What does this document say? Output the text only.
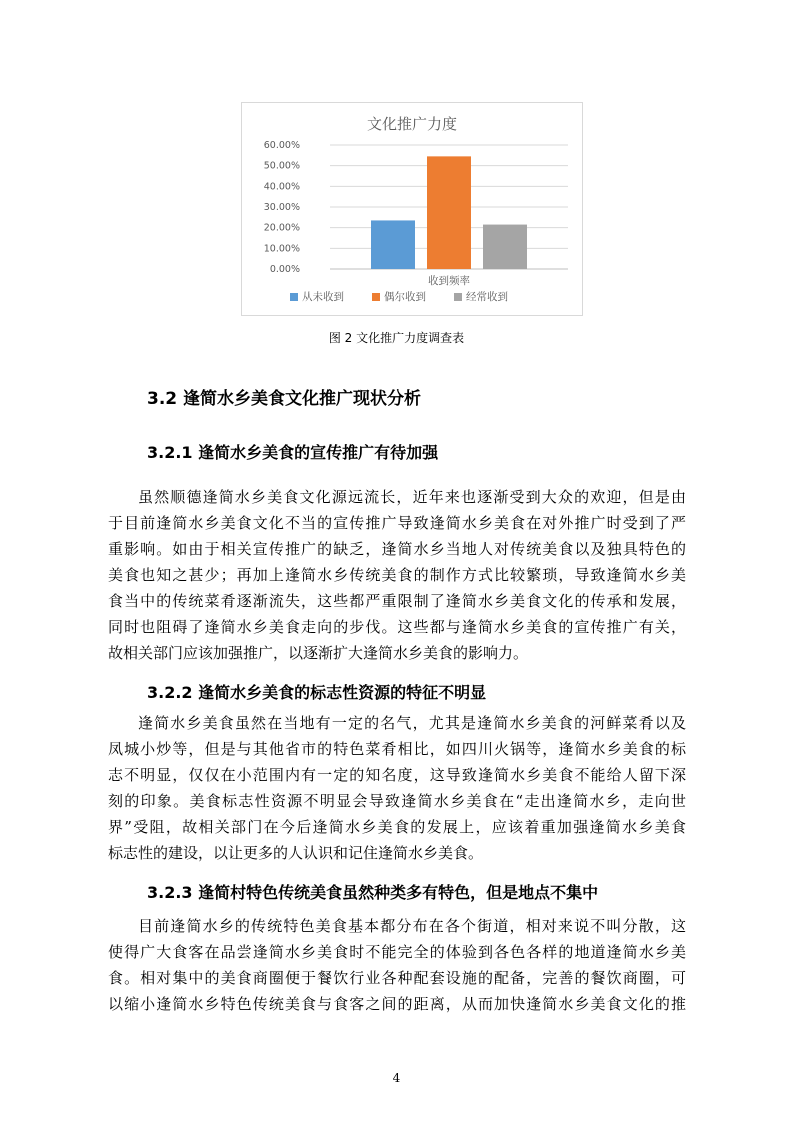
文化推广力度
0.00%
10.00%
20.00%
30.00%
40.00%
50.00%
60.00%
收到频率
从未收到	偶尔收到	经常收到
图 2 文化推广力度调查表
3.2 逢简水乡美食文化推广现状分析
3.2.1 逢简水乡美食的宣传推广有待加强
虽然顺德逢简水乡美食文化源远流长，近年来也逐渐受到大众的欢迎，但是由
于目前逢简水乡美食文化不当的宣传推广导致逢简水乡美食在对外推广时受到了严
重影响。如由于相关宣传推广的缺乏，逢简水乡当地人对传统美食以及独具特色的
美食也知之甚少；再加上逢简水乡传统美食的制作方式比较繁琐，导致逢简水乡美
食当中的传统菜肴逐渐流失，这些都严重限制了逢简水乡美食文化的传承和发展，
同时也阻碍了逢简水乡美食走向的步伐。这些都与逢简水乡美食的宣传推广有关，
故相关部门应该加强推广，以逐渐扩大逢简水乡美食的影响力。
3.2.2 逢简水乡美食的标志性资源的特征不明显
逢简水乡美食虽然在当地有一定的名气，尤其是逢简水乡美食的河鲜菜肴以及
凤城小炒等，但是与其他省市的特色菜肴相比，如四川火锅等，逢简水乡美食的标
志不明显，仅仅在小范围内有一定的知名度，这导致逢简水乡美食不能给人留下深
刻的印象。美食标志性资源不明显会导致逢简水乡美食在“走出逢简水乡，走向世
界”受阻，故相关部门在今后逢简水乡美食的发展上，应该着重加强逢简水乡美食
标志性的建设，以让更多的人认识和记住逢简水乡美食。
3.2.3 逢简村特色传统美食虽然种类多有特色，但是地点不集中
目前逢简水乡的传统特色美食基本都分布在各个街道，相对来说不叫分散，这
使得广大食客在品尝逢简水乡美食时不能完全的体验到各色各样的地道逢简水乡美
食。相对集中的美食商圈便于餐饮行业各种配套设施的配备，完善的餐饮商圈，可
以缩小逢简水乡特色传统美食与食客之间的距离，从而加快逢简水乡美食文化的推
4
